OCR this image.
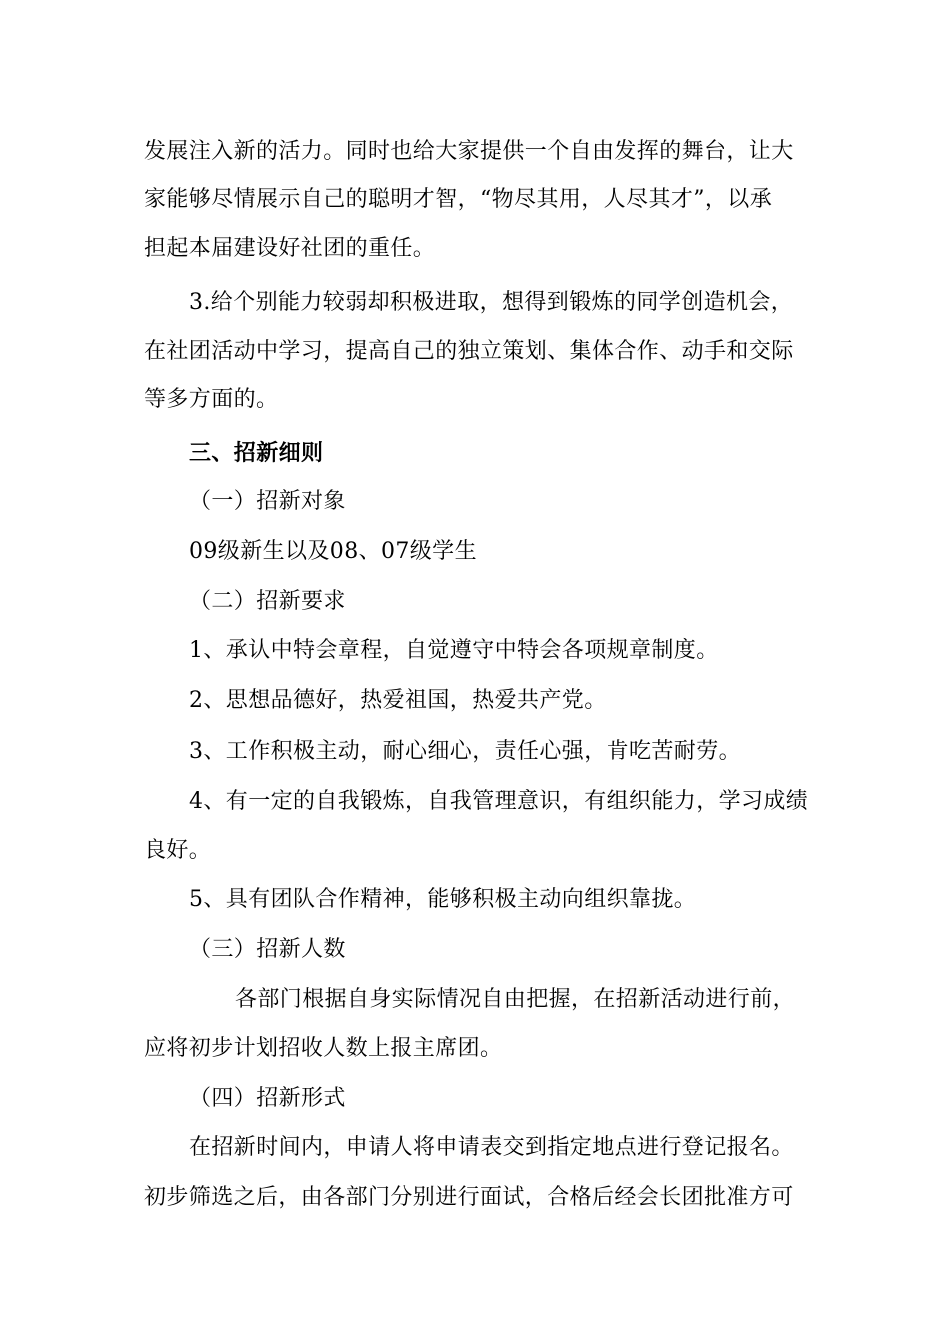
发展注入新的活力。同时也给大家提供一个自由发挥的舞台，让大
家能够尽情展示自己的聪明才智，“物尽其用，人尽其才”，以承
担起本届建设好社团的重任。
3.给个别能力较弱却积极进取，想得到锻炼的同学创造机会，
在社团活动中学习，提高自己的独立策划、集体合作、动手和交际
等多方面的。
三、招新细则
（一）招新对象
09级新生以及08、07级学生
（二）招新要求
1、承认中特会章程，自觉遵守中特会各项规章制度。
2、思想品德好，热爱祖国，热爱共产党。
3、工作积极主动，耐心细心，责任心强，肯吃苦耐劳。
4、有一定的自我锻炼，自我管理意识，有组织能力，学习成绩
良好。
5、具有团队合作精神，能够积极主动向组织靠拢。
（三）招新人数
各部门根据自身实际情况自由把握，在招新活动进行前，
应将初步计划招收人数上报主席团。
（四）招新形式
在招新时间内，申请人将申请表交到指定地点进行登记报名。
初步筛选之后，由各部门分别进行面试，合格后经会长团批准方可
